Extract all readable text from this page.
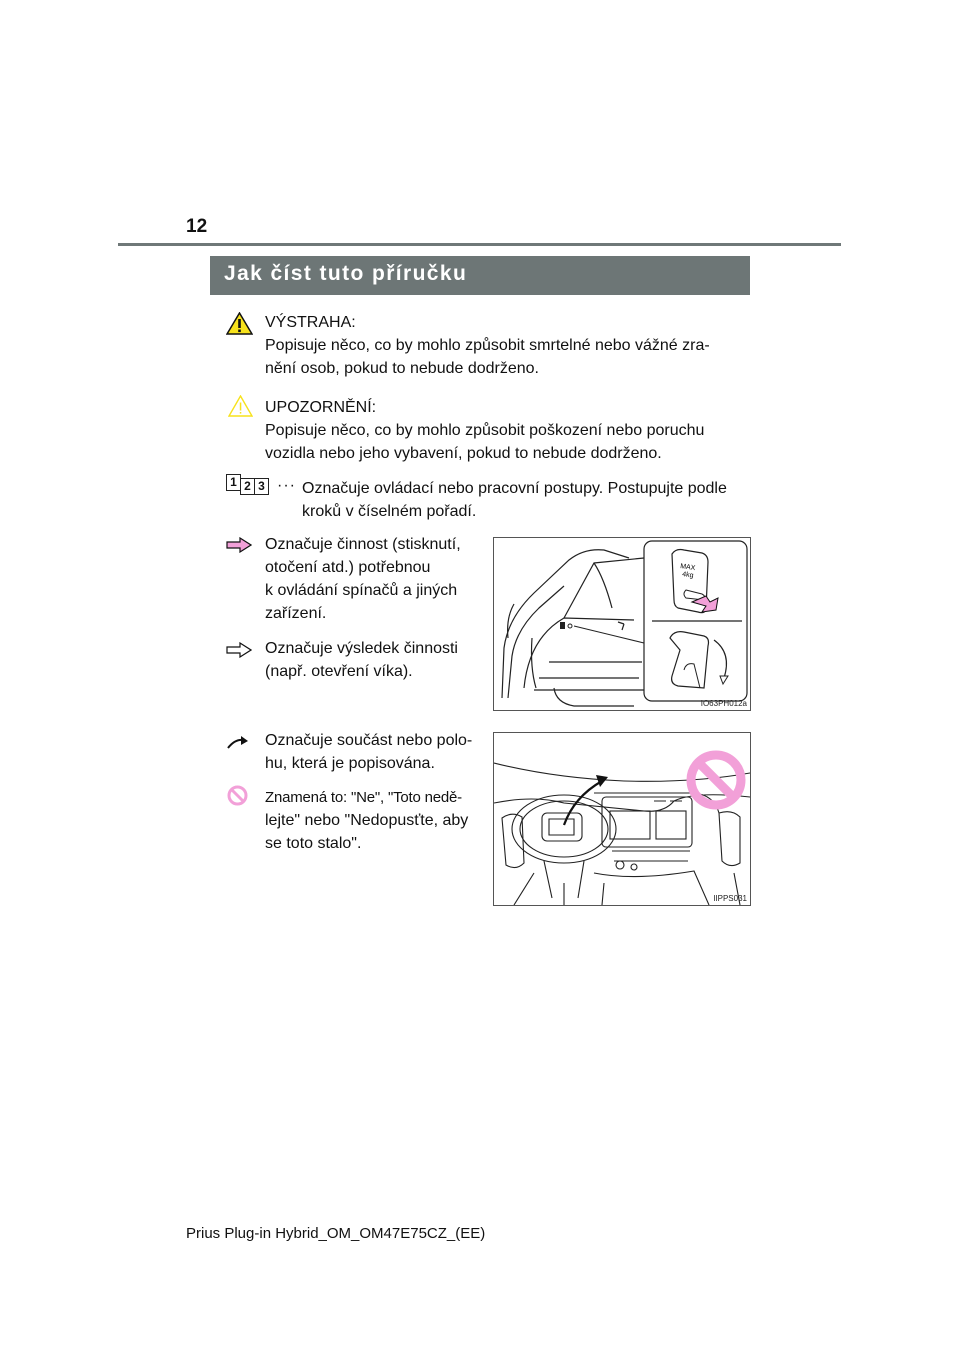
12
Jak číst tuto příručku
VÝSTRAHA:
Popisuje něco, co by mohlo způsobit smrtelné nebo vážné zra-
nění osob, pokud to nebude dodrženo.
UPOZORNĚNÍ:
Popisuje něco, co by mohlo způsobit poškození nebo poruchu
vozidla nebo jeho vybavení, pokud to nebude dodrženo.
1 2 3 ··· Označuje ovládací nebo pracovní postupy. Postupujte podle
kroků v číselném pořadí.
Označuje činnost (stisknutí,
otočení atd.) potřebnou
k ovládání spínačů a jiných
zařízení.
Označuje výsledek činnosti
(např. otevření víka).
MAX
4kg
IO63PH012a
Označuje součást nebo polo-
hu, která je popisována.
Znamená to: "Ne", "Toto nedě-
lejte" nebo "Nedopusťte, aby
se toto stalo".
IIPPS031
Prius Plug-in Hybrid_OM_OM47E75CZ_(EE)
